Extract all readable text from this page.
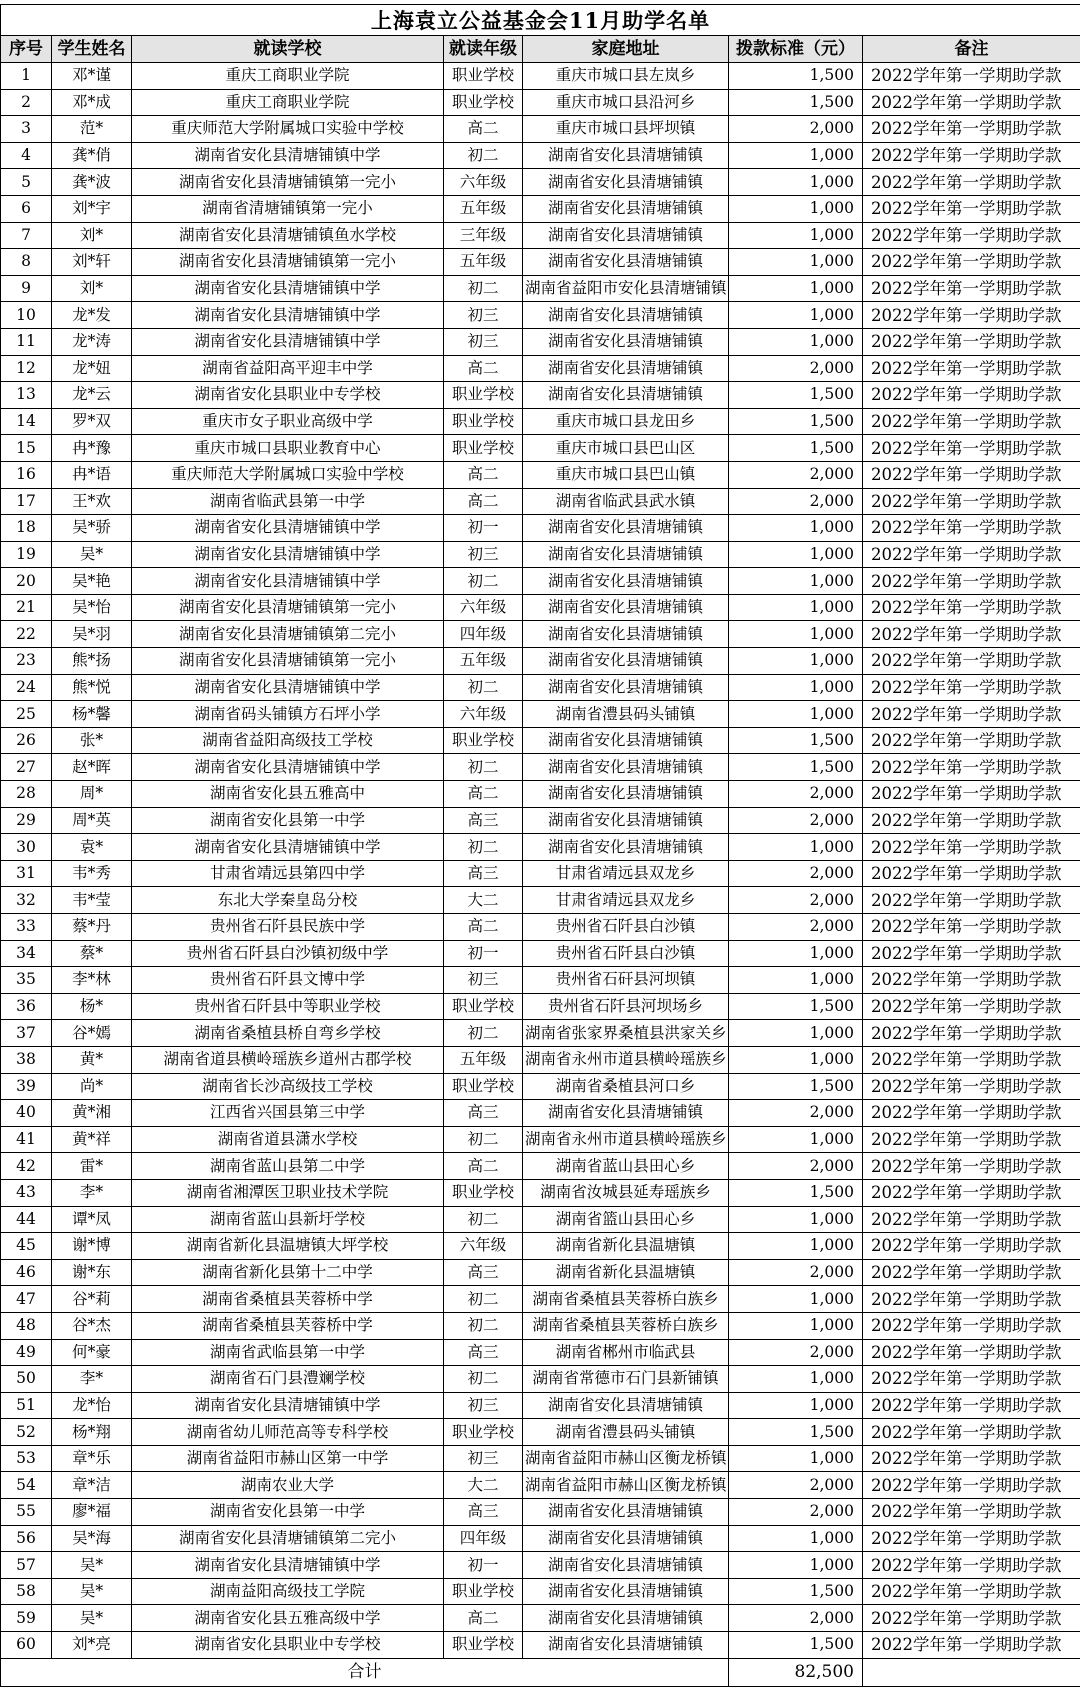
上海袁立公益基金会11月助学名单						
序号	学生姓名	就读学校	就读年级	家庭地址	拨款标准（元）	备注
1	邓*谨	重庆工商职业学院	职业学校	重庆市城口县左岚乡	1,500	2022学年第一学期助学款
2	邓*成	重庆工商职业学院	职业学校	重庆市城口县沿河乡	1,500	2022学年第一学期助学款
3	范*	重庆师范大学附属城口实验中学校	高二	重庆市城口县坪坝镇	2,000	2022学年第一学期助学款
4	龚*俏	湖南省安化县清塘铺镇中学	初二	湖南省安化县清塘铺镇	1,000	2022学年第一学期助学款
5	龚*波	湖南省安化县清塘铺镇第一完小	六年级	湖南省安化县清塘铺镇	1,000	2022学年第一学期助学款
6	刘*宇	湖南省清塘铺镇第一完小	五年级	湖南省安化县清塘铺镇	1,000	2022学年第一学期助学款
7	刘*	湖南省安化县清塘铺镇鱼水学校	三年级	湖南省安化县清塘铺镇	1,000	2022学年第一学期助学款
8	刘*轩	湖南省安化县清塘铺镇第一完小	五年级	湖南省安化县清塘铺镇	1,000	2022学年第一学期助学款
9	刘*	湖南省安化县清塘铺镇中学	初二	湖南省益阳市安化县清塘铺镇	1,000	2022学年第一学期助学款
10	龙*发	湖南省安化县清塘铺镇中学	初三	湖南省安化县清塘铺镇	1,000	2022学年第一学期助学款
11	龙*涛	湖南省安化县清塘铺镇中学	初三	湖南省安化县清塘铺镇	1,000	2022学年第一学期助学款
12	龙*妞	湖南省益阳高平迎丰中学	高二	湖南省安化县清塘铺镇	2,000	2022学年第一学期助学款
13	龙*云	湖南省安化县职业中专学校	职业学校	湖南省安化县清塘铺镇	1,500	2022学年第一学期助学款
14	罗*双	重庆市女子职业高级中学	职业学校	重庆市城口县龙田乡	1,500	2022学年第一学期助学款
15	冉*豫	重庆市城口县职业教育中心	职业学校	重庆市城口县巴山区	1,500	2022学年第一学期助学款
16	冉*语	重庆师范大学附属城口实验中学校	高二	重庆市城口县巴山镇	2,000	2022学年第一学期助学款
17	王*欢	湖南省临武县第一中学	高二	湖南省临武县武水镇	2,000	2022学年第一学期助学款
18	吴*骄	湖南省安化县清塘铺镇中学	初一	湖南省安化县清塘铺镇	1,000	2022学年第一学期助学款
19	吴*	湖南省安化县清塘铺镇中学	初三	湖南省安化县清塘铺镇	1,000	2022学年第一学期助学款
20	吴*艳	湖南省安化县清塘铺镇中学	初二	湖南省安化县清塘铺镇	1,000	2022学年第一学期助学款
21	吴*怡	湖南省安化县清塘铺镇第一完小	六年级	湖南省安化县清塘铺镇	1,000	2022学年第一学期助学款
22	吴*羽	湖南省安化县清塘铺镇第二完小	四年级	湖南省安化县清塘铺镇	1,000	2022学年第一学期助学款
23	熊*扬	湖南省安化县清塘铺镇第一完小	五年级	湖南省安化县清塘铺镇	1,000	2022学年第一学期助学款
24	熊*悦	湖南省安化县清塘铺镇中学	初二	湖南省安化县清塘铺镇	1,000	2022学年第一学期助学款
25	杨*馨	湖南省码头铺镇方石坪小学	六年级	湖南省澧县码头铺镇	1,000	2022学年第一学期助学款
26	张*	湖南省益阳高级技工学校	职业学校	湖南省安化县清塘铺镇	1,500	2022学年第一学期助学款
27	赵*晖	湖南省安化县清塘铺镇中学	初二	湖南省安化县清塘铺镇	1,500	2022学年第一学期助学款
28	周*	湖南省安化县五雅高中	高二	湖南省安化县清塘铺镇	2,000	2022学年第一学期助学款
29	周*英	湖南省安化县第一中学	高三	湖南省安化县清塘铺镇	2,000	2022学年第一学期助学款
30	袁*	湖南省安化县清塘铺镇中学	初二	湖南省安化县清塘铺镇	1,000	2022学年第一学期助学款
31	韦*秀	甘肃省靖远县第四中学	高三	甘肃省靖远县双龙乡	2,000	2022学年第一学期助学款
32	韦*莹	东北大学秦皇岛分校	大二	甘肃省靖远县双龙乡	2,000	2022学年第一学期助学款
33	蔡*丹	贵州省石阡县民族中学	高二	贵州省石阡县白沙镇	2,000	2022学年第一学期助学款
34	蔡*	贵州省石阡县白沙镇初级中学	初一	贵州省石阡县白沙镇	1,000	2022学年第一学期助学款
35	李*林	贵州省石阡县文博中学	初三	贵州省石矸县河坝镇	1,000	2022学年第一学期助学款
36	杨*	贵州省石阡县中等职业学校	职业学校	贵州省石阡县河坝场乡	1,500	2022学年第一学期助学款
37	谷*嫣	湖南省桑植县桥自弯乡学校	初二	湖南省张家界桑植县洪家关乡	1,000	2022学年第一学期助学款
38	黄*	湖南省道县横岭瑶族乡道州古郡学校	五年级	湖南省永州市道县横岭瑶族乡	1,000	2022学年第一学期助学款
39	尚*	湖南省长沙高级技工学校	职业学校	湖南省桑植县河口乡	1,500	2022学年第一学期助学款
40	黄*湘	江西省兴国县第三中学	高三	湖南省安化县清塘铺镇	2,000	2022学年第一学期助学款
41	黄*祥	湖南省道县潇水学校	初二	湖南省永州市道县横岭瑶族乡	1,000	2022学年第一学期助学款
42	雷*	湖南省蓝山县第二中学	高二	湖南省蓝山县田心乡	2,000	2022学年第一学期助学款
43	李*	湖南省湘潭医卫职业技术学院	职业学校	湖南省汝城县延寿瑶族乡	1,500	2022学年第一学期助学款
44	谭*凤	湖南省蓝山县新圩学校	初二	湖南省篮山县田心乡	1,000	2022学年第一学期助学款
45	谢*博	湖南省新化县温塘镇大坪学校	六年级	湖南省新化县温塘镇	1,000	2022学年第一学期助学款
46	谢*东	湖南省新化县第十二中学	高三	湖南省新化县温塘镇	2,000	2022学年第一学期助学款
47	谷*莉	湖南省桑植县芙蓉桥中学	初二	湖南省桑植县芙蓉桥白族乡	1,000	2022学年第一学期助学款
48	谷*杰	湖南省桑植县芙蓉桥中学	初二	湖南省桑植县芙蓉桥白族乡	1,000	2022学年第一学期助学款
49	何*豪	湖南省武临县第一中学	高三	湖南省郴州市临武县	2,000	2022学年第一学期助学款
50	李*	湖南省石门县澧斓学校	初二	湖南省常德市石门县新铺镇	1,000	2022学年第一学期助学款
51	龙*怡	湖南省安化县清塘铺镇中学	初三	湖南省安化县清塘铺镇	1,000	2022学年第一学期助学款
52	杨*翔	湖南省幼儿师范高等专科学校	职业学校	湖南省澧县码头铺镇	1,500	2022学年第一学期助学款
53	章*乐	湖南省益阳市赫山区第一中学	初三	湖南省益阳市赫山区衡龙桥镇	1,000	2022学年第一学期助学款
54	章*洁	湖南农业大学	大二	湖南省益阳市赫山区衡龙桥镇	2,000	2022学年第一学期助学款
55	廖*福	湖南省安化县第一中学	高三	湖南省安化县清塘铺镇	2,000	2022学年第一学期助学款
56	吴*海	湖南省安化县清塘铺镇第二完小	四年级	湖南省安化县清塘铺镇	1,000	2022学年第一学期助学款
57	吴*	湖南省安化县清塘铺镇中学	初一	湖南省安化县清塘铺镇	1,000	2022学年第一学期助学款
58	吴*	湖南益阳高级技工学院	职业学校	湖南省安化县清塘铺镇	1,500	2022学年第一学期助学款
59	吴*	湖南省安化县五雅高级中学	高二	湖南省安化县清塘铺镇	2,000	2022学年第一学期助学款
60	刘*亮	湖南省安化县职业中专学校	职业学校	湖南省安化县清塘铺镇	1,500	2022学年第一学期助学款
合计					82,500	
